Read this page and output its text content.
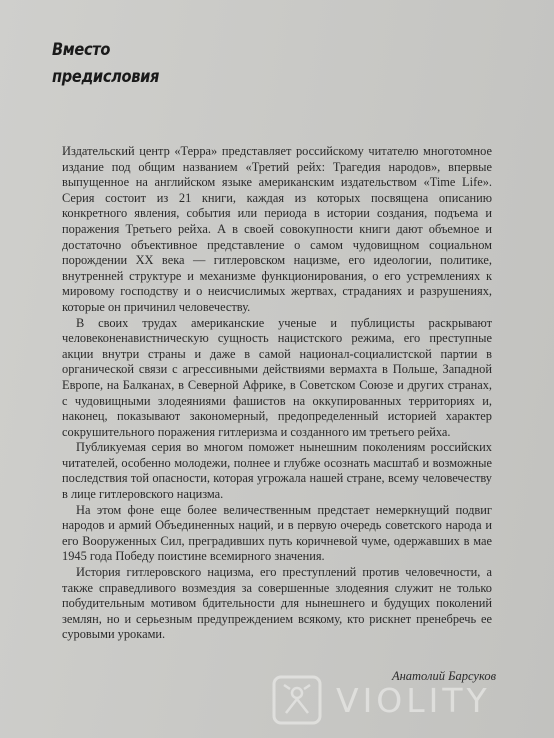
Вместо
предисловия

Издательский центр «Терра» представляет российскому читателю многотомное издание под общим названием «Третий рейх: Трагедия народов», впервые выпущенное на английском языке американским издательством «Time Life». Серия состоит из 21 книги, каждая из которых посвящена описанию конкретного явления, события или периода в истории создания, подъема и поражения Третьего рейха. А в своей совокупности книги дают объемное и достаточно объективное представление о самом чудовищном социальном порождении XX века — гитлеровском нацизме, его идеологии, политике, внутренней структуре и механизме функционирования, о его устремлениях к мировому господству и о неисчислимых жертвах, страданиях и разрушениях, которые он причинил человечеству.

В своих трудах американские ученые и публицисты раскрывают человеконенавистническую сущность нацистского режима, его преступные акции внутри страны и даже в самой национал-социалистской партии в органической связи с агрессивными действиями вермахта в Польше, Западной Европе, на Балканах, в Северной Африке, в Советском Союзе и других странах, с чудовищными злодеяниями фашистов на оккупированных территориях и, наконец, показывают закономерный, предопределенный историей характер сокрушительного поражения гитлеризма и созданного им третьего рейха.

Публикуемая серия во многом поможет нынешним поколениям российских читателей, особенно молодежи, полнее и глубже осознать масштаб и возможные последствия той опасности, которая угрожала нашей стране, всему человечеству в лице гитлеровского нацизма.

На этом фоне еще более величественным предстает немеркнущий подвиг народов и армий Объединенных наций, и в первую очередь советского народа и его Вооруженных Сил, преградивших путь коричневой чуме, одержавших в мае 1945 года Победу поистине всемирного значения.

История гитлеровского нацизма, его преступлений против человечности, а также справедливого возмездия за совершенные злодеяния служит не только побудительным мотивом бдительности для нынешнего и будущих поколений землян, но и серьезным предупреждением всякому, кто рискнет пренебречь ее суровыми уроками.

Анатолий Барсуков
VIOLITY
